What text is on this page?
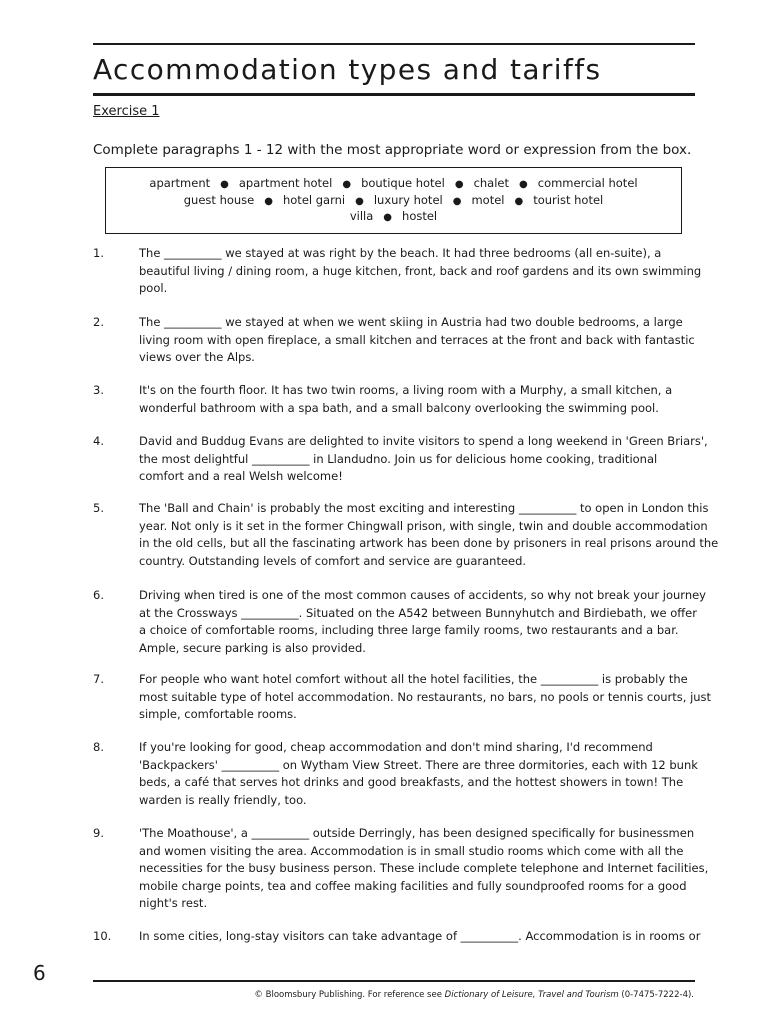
Accommodation types and tariffs
Exercise 1
Complete paragraphs 1 - 12 with the most appropriate word or expression from the box.
apartment ● apartment hotel ● boutique hotel ● chalet ● commercial hotel
guest house ● hotel garni ● luxury hotel ● motel ● tourist hotel
villa ● hostel
1.	The __________ we stayed at was right by the beach. It had three bedrooms (all en-suite), a
beautiful living / dining room, a huge kitchen, front, back and roof gardens and its own swimming
pool.
2.	The __________ we stayed at when we went skiing in Austria had two double bedrooms, a large
living room with open fireplace, a small kitchen and terraces at the front and back with fantastic
views over the Alps.
3.	It's on the fourth floor. It has two twin rooms, a living room with a Murphy, a small kitchen, a
wonderful bathroom with a spa bath, and a small balcony overlooking the swimming pool.
4.	David and Buddug Evans are delighted to invite visitors to spend a long weekend in 'Green Briars',
the most delightful __________ in Llandudno. Join us for delicious home cooking, traditional
comfort and a real Welsh welcome!
5.	The 'Ball and Chain' is probably the most exciting and interesting __________ to open in London this
year. Not only is it set in the former Chingwall prison, with single, twin and double accommodation
in the old cells, but all the fascinating artwork has been done by prisoners in real prisons around the
country. Outstanding levels of comfort and service are guaranteed.
6.	Driving when tired is one of the most common causes of accidents, so why not break your journey
at the Crossways __________. Situated on the A542 between Bunnyhutch and Birdiebath, we offer
a choice of comfortable rooms, including three large family rooms, two restaurants and a bar.
Ample, secure parking is also provided.
7.	For people who want hotel comfort without all the hotel facilities, the __________ is probably the
most suitable type of hotel accommodation. No restaurants, no bars, no pools or tennis courts, just
simple, comfortable rooms.
8.	If you're looking for good, cheap accommodation and don't mind sharing, I'd recommend
'Backpackers' __________ on Wytham View Street. There are three dormitories, each with 12 bunk
beds, a café that serves hot drinks and good breakfasts, and the hottest showers in town! The
warden is really friendly, too.
9.	'The Moathouse', a __________ outside Derringly, has been designed specifically for businessmen
and women visiting the area. Accommodation is in small studio rooms which come with all the
necessities for the busy business person. These include complete telephone and Internet facilities,
mobile charge points, tea and coffee making facilities and fully soundproofed rooms for a good
night's rest.
10.	In some cities, long-stay visitors can take advantage of __________. Accommodation is in rooms or
6
© Bloomsbury Publishing. For reference see Dictionary of Leisure, Travel and Tourism (0-7475-7222-4).
